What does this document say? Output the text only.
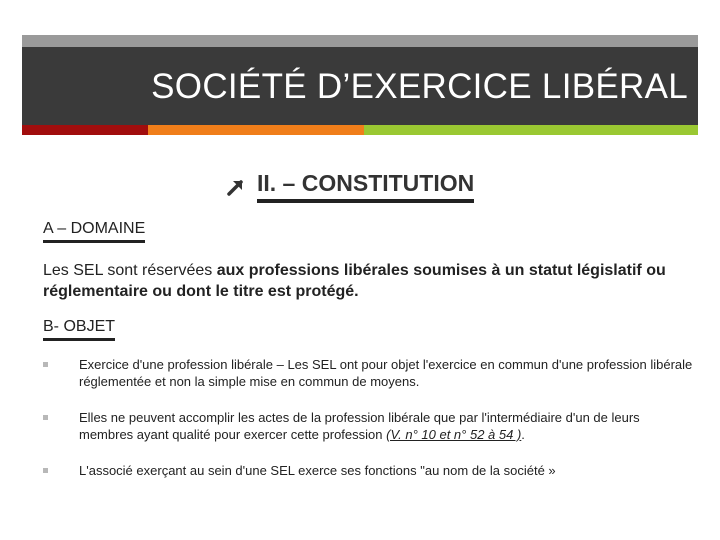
SOCIÉTÉ D’EXERCICE LIBÉRAL
II. – CONSTITUTION
A – DOMAINE
Les SEL sont réservées aux professions libérales soumises à un statut législatif ou réglementaire ou dont le titre est protégé.
B- OBJET
Exercice d'une profession libérale – Les SEL ont pour objet l'exercice en commun d'une profession libérale réglementée et non la simple mise en commun de moyens.
Elles ne peuvent accomplir les actes de la profession libérale que par l'intermédiaire d'un de leurs membres ayant qualité pour exercer cette profession (V. n° 10 et n° 52 à 54 ).
L'associé exerçant au sein d'une SEL exerce ses fonctions "au nom de la société »
